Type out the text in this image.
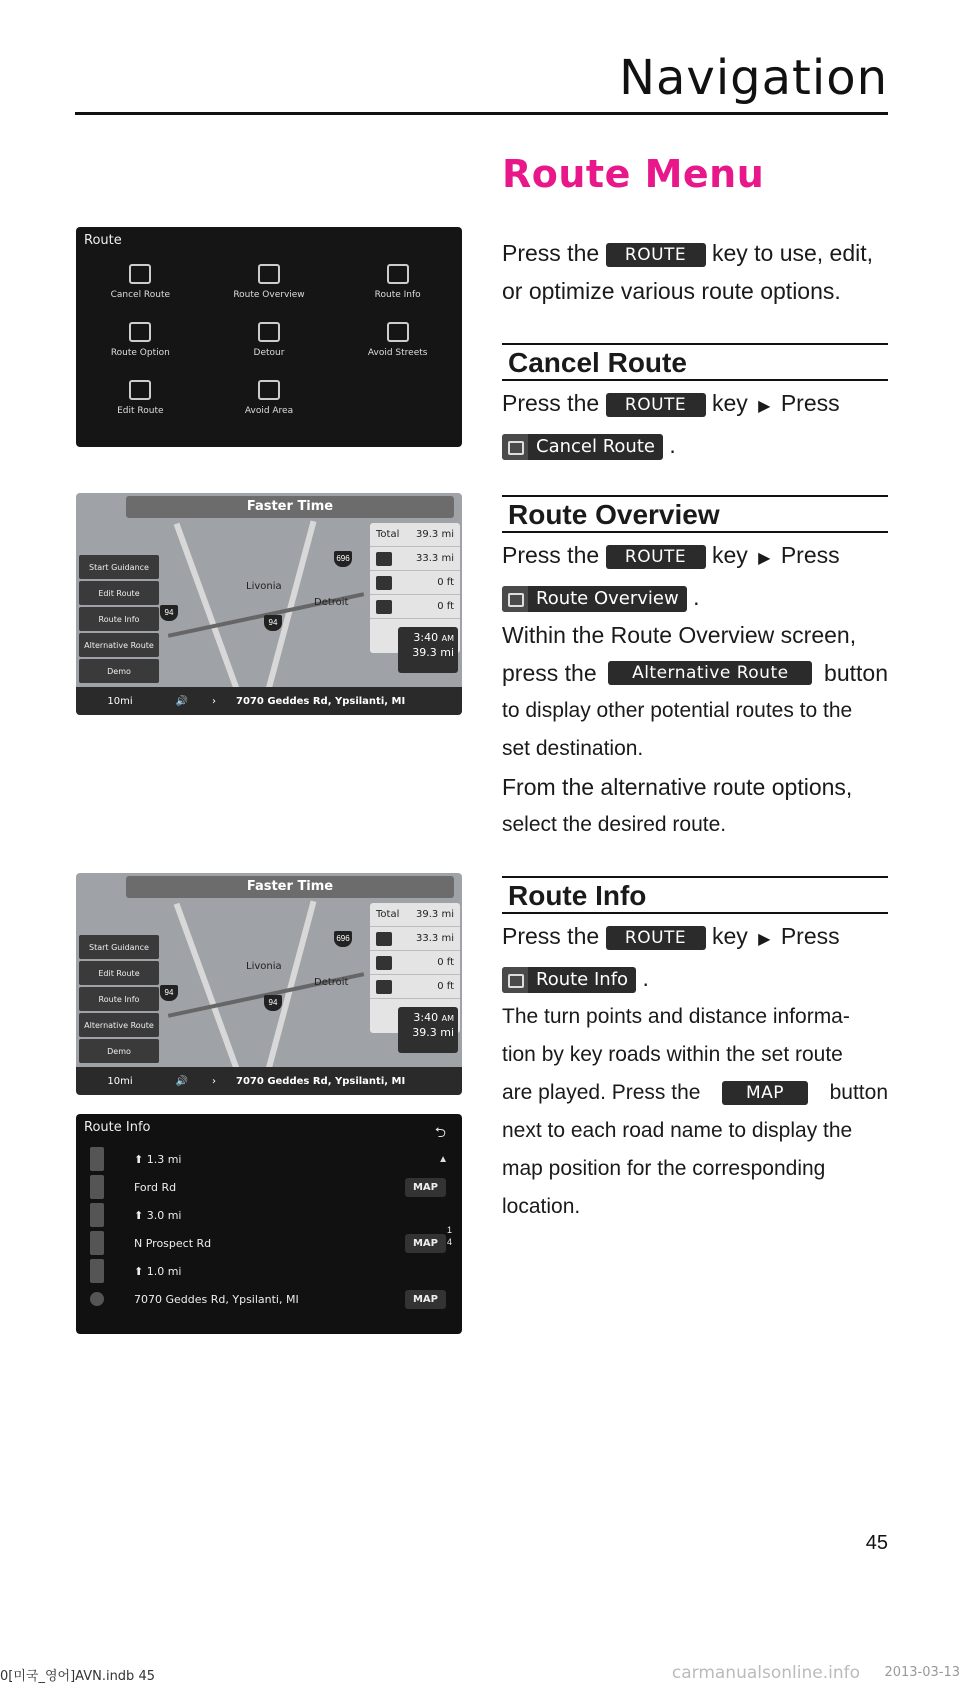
Navigation
Route Menu
Press the ROUTE key to use, edit,
or optimize various route options.
Cancel Route
Press the ROUTE key ▶ Press

Cancel Route .
Route Overview
Press the ROUTE key ▶ Press

Route Overview .
Within the Route Overview screen,
press the	Alternative Route	button
to display other potential routes to the
set destination.
From the alternative route options,
select the desired route.
Route Info
Press the ROUTE key ▶ Press

Route Info .
The turn points and distance informa-
tion by key roads within the set route
are played. Press the	MAP	button
next to each road name to display the
map position for the corresponding
location.
Route
Cancel Route	Route Overview	Route Info
Route Option	Detour	Avoid Streets
Edit Route	Avoid Area
Livonia
Detroit
94
94
696
Faster Time
Start Guidance
Edit Route
Route Info
Alternative Route
Demo
Total 39.3 mi
33.3 mi
0 ft
0 ft
3:40 AM
39.3 mi
10mi	🔊	›	7070 Geddes Rd, Ypsilanti, MI
Livonia
Detroit
94
94
696
Faster Time
Start Guidance
Edit Route
Route Info
Alternative Route
Demo
Total 39.3 mi
33.3 mi
0 ft
0 ft
3:40 AM
39.3 mi
10mi	🔊	›	7070 Geddes Rd, Ypsilanti, MI
Route Info	⮌
▲
⬆ 1.3 mi
Ford Rd	MAP
⬆ 3.0 mi
N Prospect Rd	MAP
⬆ 1.0 mi
7070 Geddes Rd, Ypsilanti, MI	MAP
1
4
45
0[미국_영어]AVN.indb 45	carmanualsonline.info 2013-03-13
